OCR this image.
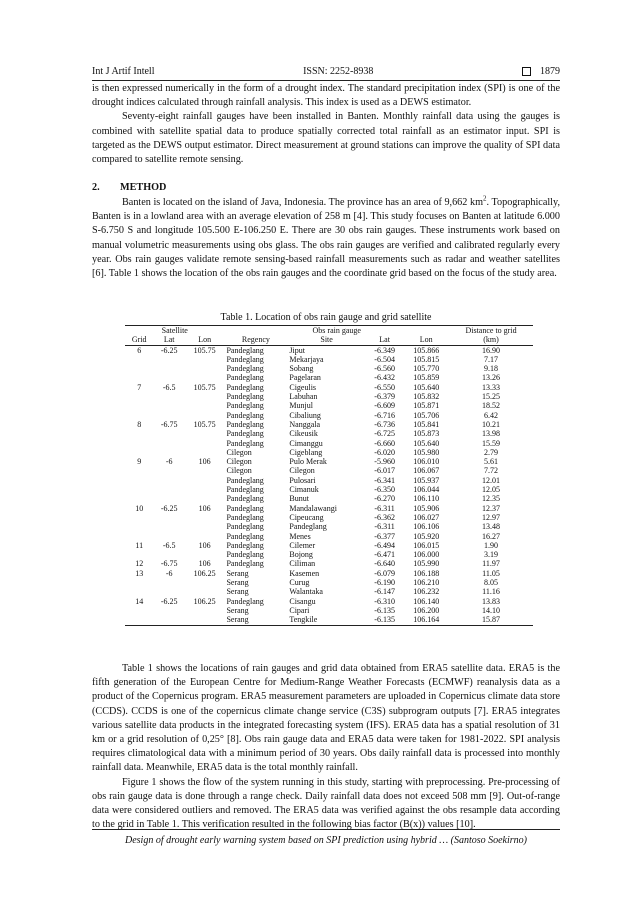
Int J Artif Intell	ISSN: 2252-8938	1879

is then expressed numerically in the form of a drought index. The standard precipitation index (SPI) is one of the drought indices calculated through rainfall analysis. This index is used as a DEWS estimator.

Seventy-eight rainfall gauges have been installed in Banten. Monthly rainfall data using the gauges is combined with satellite spatial data to produce spatially corrected total rainfall as an estimator input. SPI is targeted as the DEWS output estimator. Direct measurement at ground stations can improve the quality of SPI data compared to satellite remote sensing.

2. METHOD

Banten is located on the island of Java, Indonesia. The province has an area of 9,662 $km^2$. Topographically, Banten is in a lowland area with an average elevation of 258 m [4]. This study focuses on Banten at latitude 6.000 S-6.750 S and longitude 105.500 E-106.250 E. There are 30 obs rain gauges. These instruments work based on manual volumetric measurements using obs glass. The obs rain gauges are verified and calibrated regularly every year. Obs rain gauges validate remote sensing-based rainfall measurements such as radar and weather satellites [6]. Table 1 shows the location of the obs rain gauges and the coordinate grid based on the focus of the study area.

Table 1. Location of obs rain gauge and grid satellite
Satellite			Obs rain gauge				Distance to grid
Grid	Lat	Lon	Regency	Site	Lat	Lon	(km)
6	-6.25	105.75	Pandeglang	Jiput	-6.349	105.866	16.90
			Pandeglang	Mekarjaya	-6.504	105.815	7.17
			Pandeglang	Sobang	-6.560	105.770	9.18
			Pandeglang	Pagelaran	-6.432	105.859	13.26
7	-6.5	105.75	Pandeglang	Cigeulis	-6.550	105.640	13.33
			Pandeglang	Labuhan	-6.379	105.832	15.25
			Pandeglang	Munjul	-6.609	105.871	18.52
			Pandeglang	Cibaliung	-6.716	105.706	6.42
8	-6.75	105.75	Pandeglang	Nanggala	-6.736	105.841	10.21
			Pandeglang	Cikeusik	-6.725	105.873	13.98
			Pandeglang	Cimanggu	-6.660	105.640	15.59
			Cilegon	Cigeblang	-6.020	105.980	2.79
9	-6	106	Cilegon	Pulo Merak	-5.960	106.010	5.61
			Cilegon	Cilegon	-6.017	106.067	7.72
			Pandeglang	Pulosari	-6.341	105.937	12.01
			Pandeglang	Cimanuk	-6.350	106.044	12.05
			Pandeglang	Bunut	-6.270	106.110	12.35
10	-6.25	106	Pandeglang	Mandalawangi	-6.311	105.906	12.37
			Pandeglang	Cipeucang	-6.362	106.027	12.97
			Pandeglang	Pandeglang	-6.311	106.106	13.48
			Pandeglang	Menes	-6.377	105.920	16.27
11	-6.5	106	Pandeglang	Cilemer	-6.494	106.015	1.90
			Pandeglang	Bojong	-6.471	106.000	3.19
12	-6.75	106	Pandeglang	Ciliman	-6.640	105.990	11.97
13	-6	106.25	Serang	Kasemen	-6.079	106.188	11.05
			Serang	Curug	-6.190	106.210	8.05
			Serang	Walantaka	-6.147	106.232	11.16
14	-6.25	106.25	Pandeglang	Cisangu	-6.310	106.140	13.83
			Serang	Cipari	-6.135	106.200	14.10
			Serang	Tengkile	-6.135	106.164	15.87

Table 1 shows the locations of rain gauges and grid data obtained from ERA5 satellite data. ERA5 is the fifth generation of the European Centre for Medium-Range Weather Forecasts (ECMWF) reanalysis data as a product of the Copernicus program. ERA5 measurement parameters are uploaded in Copernicus climate data store (CCDS). CCDS is one of the copernicus climate change service (C3S) subprogram outputs [7]. ERA5 integrates various satellite data products in the integrated forecasting system (IFS). ERA5 data has a spatial resolution of 31 km or a grid resolution of 0,25° [8]. Obs rain gauge data and ERA5 data were taken for 1981-2022. SPI analysis requires climatological data with a minimum period of 30 years. Obs daily rainfall data is processed into monthly rainfall data. Meanwhile, ERA5 data is the total monthly rainfall.

Figure 1 shows the flow of the system running in this study, starting with preprocessing. Pre-processing of obs rain gauge data is done through a range check. Daily rainfall data does not exceed 508 mm [9]. Out-of-range data were considered outliers and removed. The ERA5 data was verified against the obs resample data according to the grid in Table 1. This verification resulted in the following bias factor (B(x)) values [10].

Design of drought early warning system based on SPI prediction using hybrid … (Santoso Soekirno)
